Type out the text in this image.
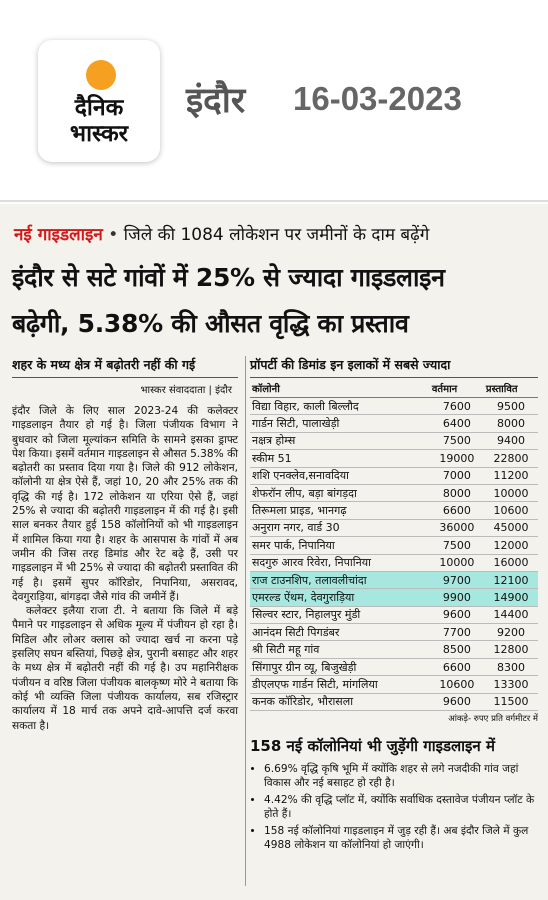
दैनिक
भास्कर
इंदौर 16-03-2023
नई गाइडलाइन • जिले की 1084 लोकेशन पर जमीनों के दाम बढ़ेंगे
इंदौर से सटे गांवों में 25% से ज्यादा गाइडलाइन
बढ़ेगी, 5.38% की औसत वृद्धि का प्रस्ताव
शहर के मध्य क्षेत्र में बढ़ोतरी नहीं की गई
भास्कर संवाददाता | इंदौर

इंदौर जिले के लिए साल 2023-24 की कलेक्टर गाइडलाइन तैयार हो गई है। जिला पंजीयक विभाग ने बुधवार को जिला मूल्यांकन समिति के सामने इसका ड्राफ्ट पेश किया। इसमें वर्तमान गाइडलाइन से औसत 5.38% की बढ़ोतरी का प्रस्ताव दिया गया है। जिले की 912 लोकेशन, कॉलोनी या क्षेत्र ऐसे हैं, जहां 10, 20 और 25% तक की वृद्धि की गई है। 172 लोकेशन या एरिया ऐसे हैं, जहां 25% से ज्यादा की बढ़ोतरी गाइडलाइन में की गई है। इसी साल बनकर तैयार हुई 158 कॉलोनियों को भी गाइडलाइन में शामिल किया गया है। शहर के आसपास के गांवों में अब जमीन की जिस तरह डिमांड और रेट बढ़े हैं, उसी पर गाइडलाइन में भी 25% से ज्यादा की बढ़ोतरी प्रस्तावित की गई है। इसमें सुपर कॉरिडोर, निपानिया, असरावद, देवगुराड़िया, बांगड़दा जैसे गांव की जमीनें हैं।

कलेक्टर इलैया राजा टी. ने बताया कि जिले में बड़े पैमाने पर गाइडलाइन से अधिक मूल्य में पंजीयन हो रहा है। मिडिल और लोअर क्लास को ज्यादा खर्च ना करना पड़े इसलिए सघन बस्तियां, पिछड़े क्षेत्र, पुरानी बसाहट और शहर के मध्य क्षेत्र में बढ़ोतरी नहीं की गई है। उप महानिरीक्षक पंजीयन व वरिष्ठ जिला पंजीयक बालकृष्ण मोरे ने बताया कि कोई भी व्यक्ति जिला पंजीयक कार्यालय, सब रजिस्ट्रार कार्यालय में 18 मार्च तक अपने दावे-आपत्ति दर्ज करवा सकता है।

प्रॉपर्टी की डिमांड इन इलाकों में सबसे ज्यादा
कॉलोनी	वर्तमान	प्रस्तावित
विद्या विहार, काली बिल्लौद	7600	9500
गार्डन सिटी, पालाखेड़ी	6400	8000
नक्षत्र होम्स	7500	9400
स्कीम 51	19000	22800
शशि एनक्लेव,सनावदिया	7000	11200
शेफरॉन लीप, बड़ा बांगड़दा	8000	10000
तिरूमला प्राइड, भानगढ़	6600	10600
अनुराग नगर, वार्ड 30	36000	45000
समर पार्क, निपानिया	7500	12000
सदगुरु आरव रिवेरा, निपानिया	10000	16000
राज टाउनशिप, तलावलीचांदा	9700	12100
एमरल्ड ऐंथम, देवगुराड़िया	9900	14900
सिल्वर स्टार, निहालपुर मुंडी	9600	14400
आनंदम सिटी पिगडंबर	7700	9200
श्री सिटी महू गांव	8500	12800
सिंगापुर ग्रीन व्यू, बिजुखेड़ी	6600	8300
डीएलएफ गार्डन सिटी, मांगलिया	10600	13300
कनक कॉरिडोर, भौरासला	9600	11500
आंकड़े- रुपए प्रति वर्गमीटर में
158 नई कॉलोनियां भी जुड़ेंगी गाइडलाइन में
• 6.69% वृद्धि कृषि भूमि में क्योंकि शहर से लगे नजदीकी गांव जहां विकास और नई बसाहट हो रही है।
• 4.42% की वृद्धि प्लॉट में, क्योंकि सर्वाधिक दस्तावेज पंजीयन प्लॉट के होते हैं।
• 158 नई कॉलोनियां गाइडलाइन में जुड़ रही हैं। अब इंदौर जिले में कुल 4988 लोकेशन या कॉलोनियां हो जाएंगी।
